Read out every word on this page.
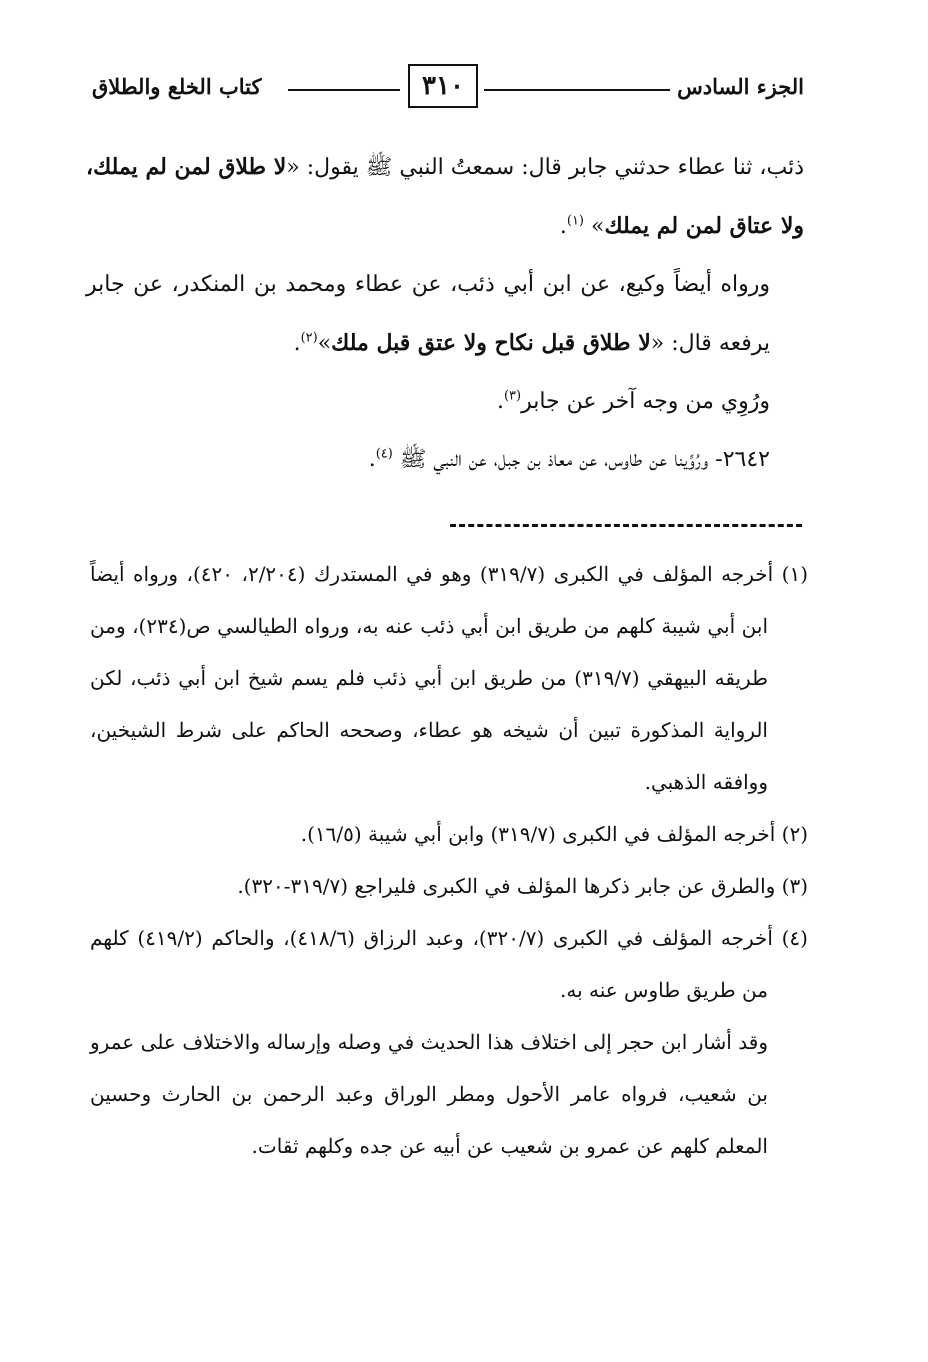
كتاب الخلع والطلاق	٣١٠	الجزء السادس

ذئب، ثنا عطاء حدثني جابر قال: سمعتُ النبي ﷺ يقول: «لا طلاق لمن لم يملك، ولا عتاق لمن لم يملك» $^{(١)}$.

ورواه أيضاً وكيع، عن ابن أبي ذئب، عن عطاء ومحمد بن المنكدر، عن جابر يرفعه قال: «لا طلاق قبل نكاح ولا عتق قبل ملك»$^{(٢)}$.

ورُوِي من وجه آخر عن جابر$^{(٣)}$.

٢٦٤٢- ورُوِّينا عن طاوس، عن معاذ بن جبل، عن النبي ﷺ $^{(٤)}$.

(١) أخرجه المؤلف في الكبرى (٣١٩/٧) وهو في المستدرك (٢/٢٠٤، ٤٢٠)، ورواه أيضاً ابن أبي شيبة كلهم من طريق ابن أبي ذئب عنه به، ورواه الطيالسي ص(٢٣٤)، ومن طريقه البيهقي (٣١٩/٧) من طريق ابن أبي ذئب فلم يسم شيخ ابن أبي ذئب، لكن الرواية المذكورة تبين أن شيخه هو عطاء، وصححه الحاكم على شرط الشيخين، ووافقه الذهبي.

(٢) أخرجه المؤلف في الكبرى (٣١٩/٧) وابن أبي شيبة (١٦/٥).

(٣) والطرق عن جابر ذكرها المؤلف في الكبرى فليراجع (٣١٩/٧-٣٢٠).

(٤) أخرجه المؤلف في الكبرى (٣٢٠/٧)، وعبد الرزاق (٤١٨/٦)، والحاكم (٤١٩/٢) كلهم من طريق طاوس عنه به.

وقد أشار ابن حجر إلى اختلاف هذا الحديث في وصله وإرساله والاختلاف على عمرو بن شعيب، فرواه عامر الأحول ومطر الوراق وعبد الرحمن بن الحارث وحسين المعلم كلهم عن عمرو بن شعيب عن أبيه عن جده وكلهم ثقات.
